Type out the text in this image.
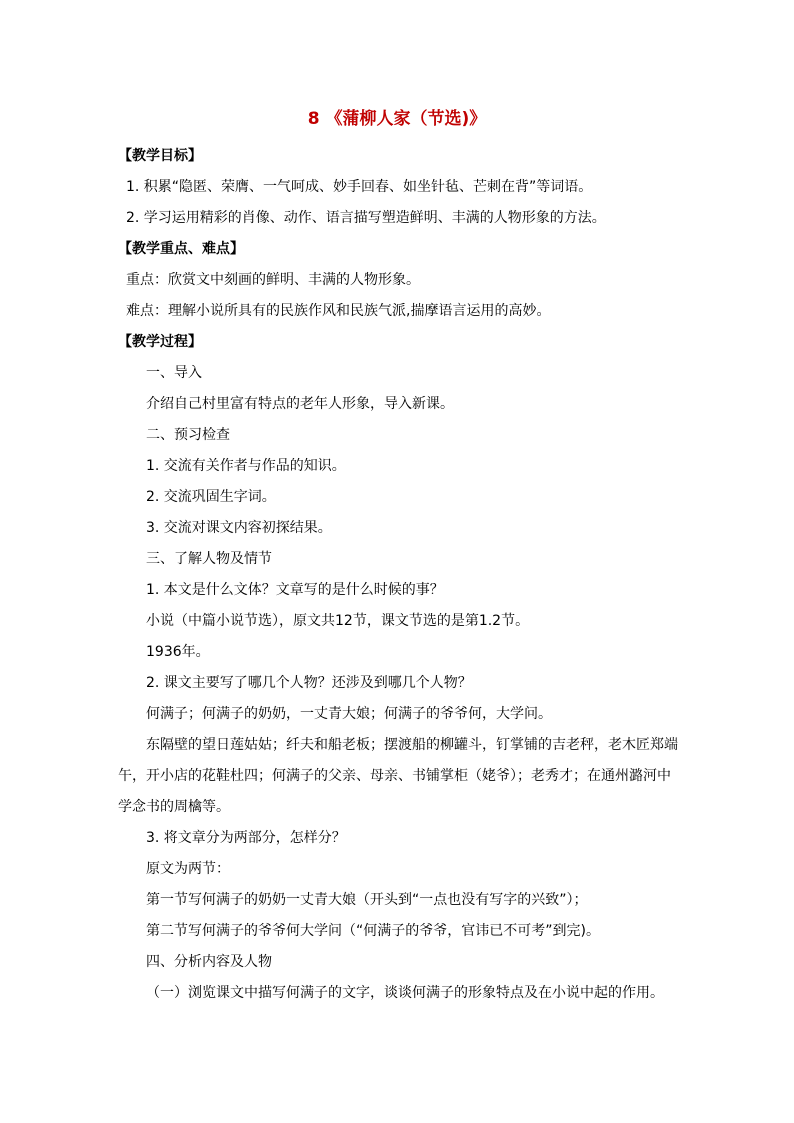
8 《蒲柳人家（节选)》
【教学目标】
1. 积累“隐匿、荣膺、一气呵成、妙手回春、如坐针毡、芒刺在背”等词语。
2. 学习运用精彩的肖像、动作、语言描写塑造鲜明、丰满的人物形象的方法。
【教学重点、难点】
重点：欣赏文中刻画的鲜明、丰满的人物形象。
难点：理解小说所具有的民族作风和民族气派,揣摩语言运用的高妙。
【教学过程】
一、导入
介绍自己村里富有特点的老年人形象，导入新课。
二、预习检查
1. 交流有关作者与作品的知识。
2. 交流巩固生字词。
3. 交流对课文内容初探结果。
三、了解人物及情节
1. 本文是什么文体？文章写的是什么时候的事？
小说（中篇小说节选），原文共12节，课文节选的是第1.2节。
1936年。
2. 课文主要写了哪几个人物？还涉及到哪几个人物？
何满子；何满子的奶奶，一丈青大娘；何满子的爷爷何，大学问。
东隔壁的望日莲姑姑；纤夫和船老板；摆渡船的柳罐斗，钉掌铺的吉老秤，老木匠郑端
午，开小店的花鞋杜四；何满子的父亲、母亲、书铺掌柜（姥爷）；老秀才；在通州潞河中
学念书的周檎等。
3. 将文章分为两部分，怎样分？
原文为两节：
第一节写何满子的奶奶一丈青大娘（开头到“一点也没有写字的兴致”）；
第二节写何满子的爷爷何大学问（“何满子的爷爷，官讳已不可考”到完)。
四、分析内容及人物
（一）浏览课文中描写何满子的文字，谈谈何满子的形象特点及在小说中起的作用。
